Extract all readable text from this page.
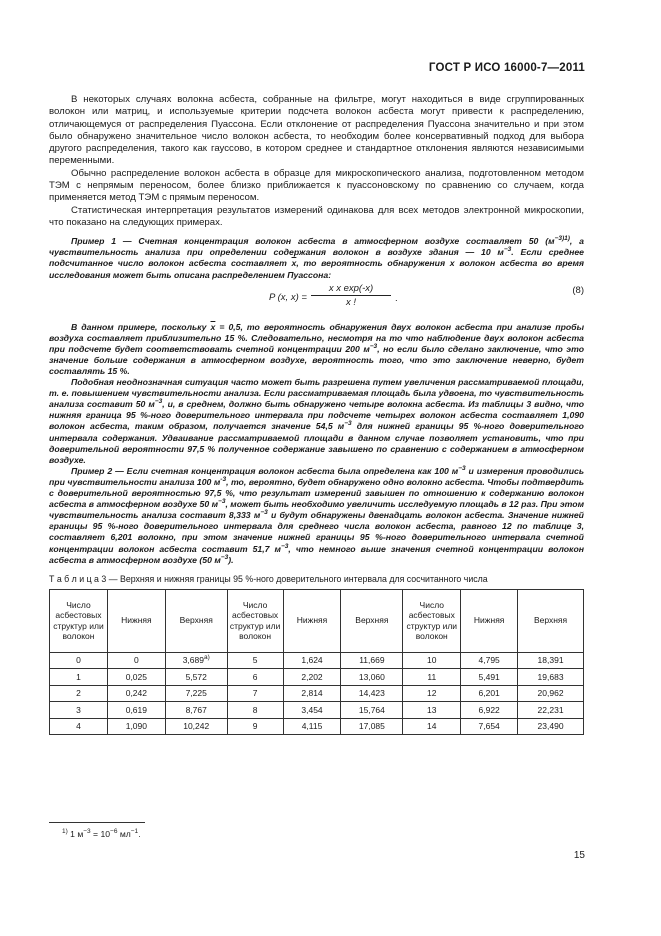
ГОСТ Р ИСО 16000-7—2011

В некоторых случаях волокна асбеста, собранные на фильтре, могут находиться в виде сгруппированных волокон или матриц, и используемые критерии подсчета волокон асбеста могут привести к распределению, отличающемуся от распределения Пуассона. Если отклонение от распределения Пуассона значительно и при этом было обнаружено значительное число волокон асбеста, то необходим более консервативный подход для выбора другого распределения, такого как гауссово, в котором среднее и стандартное отклонения являются независимыми переменными.

Обычно распределение волокон асбеста в образце для микроскопического анализа, подготовленном методом ТЭМ с непрямым переносом, более близко приближается к пуассоновскому по сравнению со случаем, когда применяется метод ТЭМ с прямым переносом.

Статистическая интерпретация результатов измерений одинакова для всех методов электронной микроскопии, что показано на следующих примерах.

Пример 1 — Счетная концентрация волокон асбеста в атмосферном воздухе составляет 50 ($м^{-3)1)}$, а чувствительность анализа при определении содержания волокон в воздухе здания — 10 $м^{-3}$. Если среднее подсчитанное число волокон асбеста составляет $\overline{x}$, то вероятность обнаружения x волокон асбеста во время исследования может быть описана распределением Пуассона:

P (x, $x) = \frac{\text{x x exp(-x)}}{x !}$ .
(8)

В данном примере, поскольку $\overline{x} = 0,5$, то вероятность обнаружения двух волокон асбеста при анализе пробы воздуха составляет приблизительно 15 %. Следовательно, несмотря на то что наблюдение двух волокон асбеста при подсчете будет соответствовать счетной концентрации 200 $м^{-3}$, но если было сделано заключение, что это значение больше содержания в атмосферном воздухе, вероятность того, что это заключение неверно, будет составлять 15 %.

Подобная неоднозначная ситуация часто может быть разрешена путем увеличения рассматриваемой площади, т. е. повышением чувствительности анализа. Если рассматриваемая площадь была удвоена, то чувствительность анализа составит 50 $м^{-3}$, и, в среднем, должно быть обнаружено четыре волокна асбеста. Из таблицы 3 видно, что нижняя граница 95 %-ного доверительного интервала при подсчете четырех волокон асбеста составляет 1,090 волокон асбеста, таким образом, получается значение 54,5 $м^{-3}$ для нижней границы 95 %-ного доверительного интервала содержания. Удваивание рассматриваемой площади в данном случае позволяет установить, что при доверительной вероятности 97,5 % полученное содержание завышено по сравнению с содержанием в атмосферном воздухе.

Пример 2 — Если счетная концентрация волокон асбеста была определена как 100 $м^{-3}$ и измерения проводились при чувствительности анализа 100 $м^{-3}$, то, вероятно, будет обнаружено одно волокно асбеста. Чтобы подтвердить с доверительной вероятностью 97,5 %, что результат измерений завышен по отношению к содержанию волокон асбеста в атмосферном воздухе 50 $м^{-3}$, может быть необходимо увеличить исследуемую площадь в 12 раз. При этом чувствительность анализа составит 8,333 $м^{-3}$ и будут обнаружены двенадцать волокон асбеста. Значение нижней границы 95 %-ного доверительного интервала для среднего числа волокон асбеста, равного 12 по таблице 3, составляет 6,201 волокно, при этом значение нижней границы 95 %-ного доверительного интервала счетной концентрации волокон асбеста составит 51,7 $м^{-3}$, что немного выше значения счетной концентрации волокон асбеста в атмосферном воздухе (50 $м^{-3}$).

Т а б л и ц а 3 — Верхняя и нижняя границы 95 %-ного доверительного интервала для сосчитанного числа

Число асбестовых структур или волокон	Нижняя	Верхняя	Число асбестовых структур или волокон	Нижняя	Верхняя	Число асбестовых структур или волокон	Нижняя	Верхняя
0	0	3,689$^{a)}$	5	1,624	11,669	10	4,795	18,391
1	0,025	5,572	6	2,202	13,060	11	5,491	19,683
2	0,242	7,225	7	2,814	14,423	12	6,201	20,962
3	0,619	8,767	8	3,454	15,764	13	6,922	22,231
4	1,090	10,242	9	4,115	17,085	14	7,654	23,490
$^{1)}$ 1 $м^{-3} = 10^{-6}$ $мл^{-1}$.
15
